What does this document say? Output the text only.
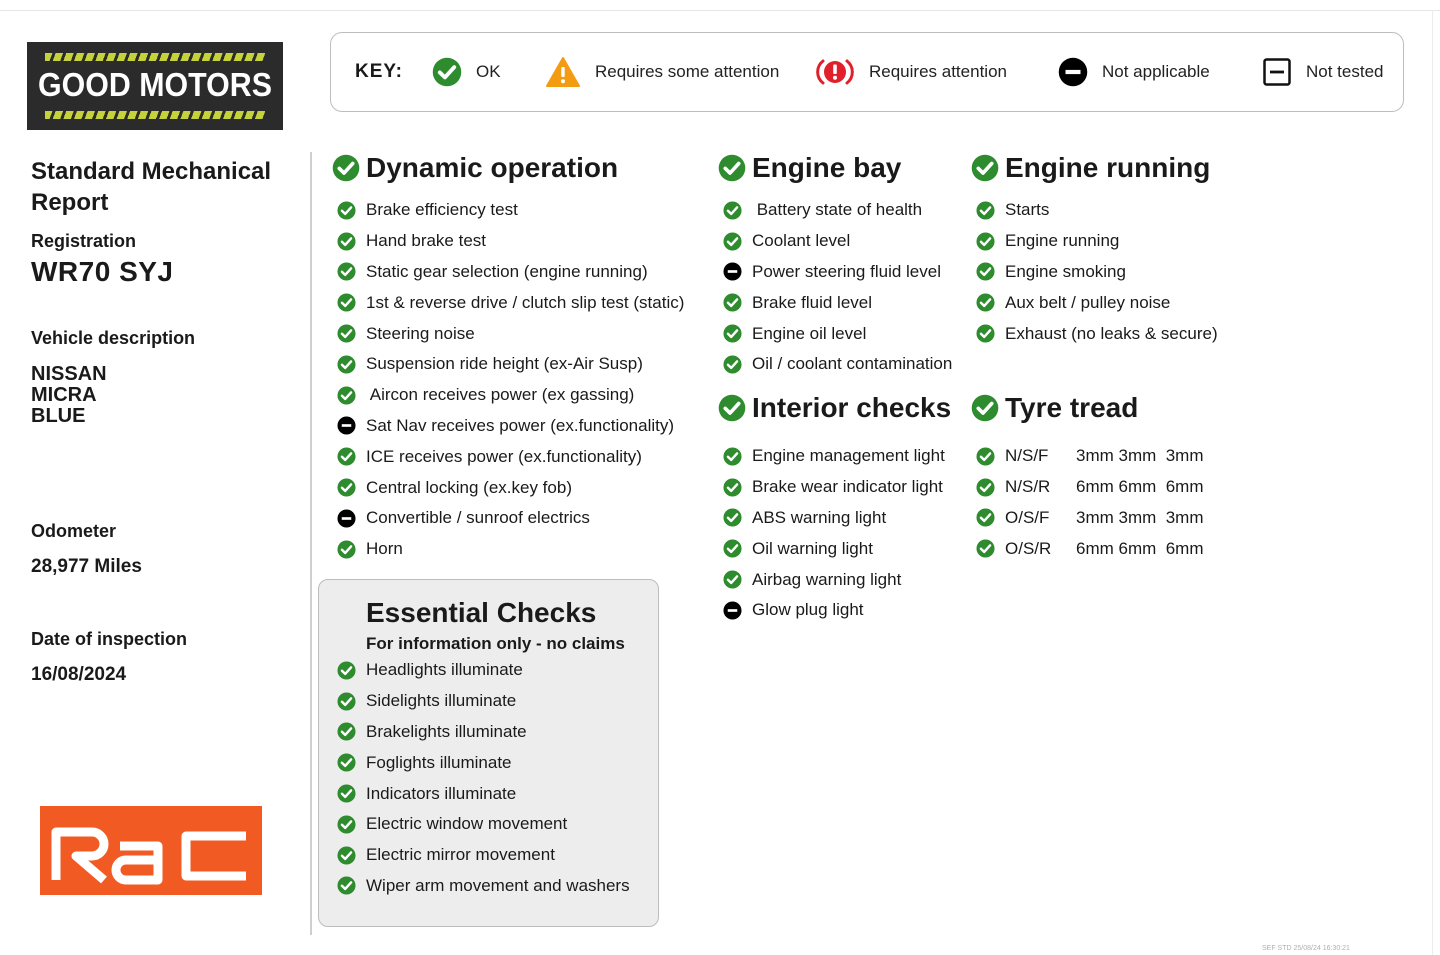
GOOD MOTORS	KEY:	OK	Requires some attention	Requires attention	Not applicable	Not tested
Standard Mechanical Report
Registration
WR70 SYJ
Vehicle description
NISSAN
MICRA
BLUE
Odometer
28,977 Miles
Date of inspection
16/08/2024
Dynamic operation
Brake efficiency test
Hand brake test
Static gear selection (engine running)
1st & reverse drive / clutch slip test (static)
Steering noise
Suspension ride height (ex-Air Susp)
Aircon receives power (ex gassing)
Sat Nav receives power (ex.functionality)
ICE receives power (ex.functionality)
Central locking (ex.key fob)
Convertible / sunroof electrics
Horn
Engine bay
Battery state of health
Coolant level
Power steering fluid level
Brake fluid level
Engine oil level
Oil / coolant contamination
Engine running
Starts
Engine running
Engine smoking
Aux belt / pulley noise
Exhaust (no leaks & secure)
Interior checks
Engine management light
Brake wear indicator light
ABS warning light
Oil warning light
Airbag warning light
Glow plug light
Tyre tread
N/S/F	3mm 3mm  3mm
N/S/R	6mm 6mm  6mm
O/S/F	3mm 3mm  3mm
O/S/R	6mm 6mm  6mm
Essential Checks
For information only - no claims
Headlights illuminate
Sidelights illuminate
Brakelights illuminate
Foglights illuminate
Indicators illuminate
Electric window movement
Electric mirror movement
Wiper arm movement and washers
SEF STD 25/08/24 16:30:21
